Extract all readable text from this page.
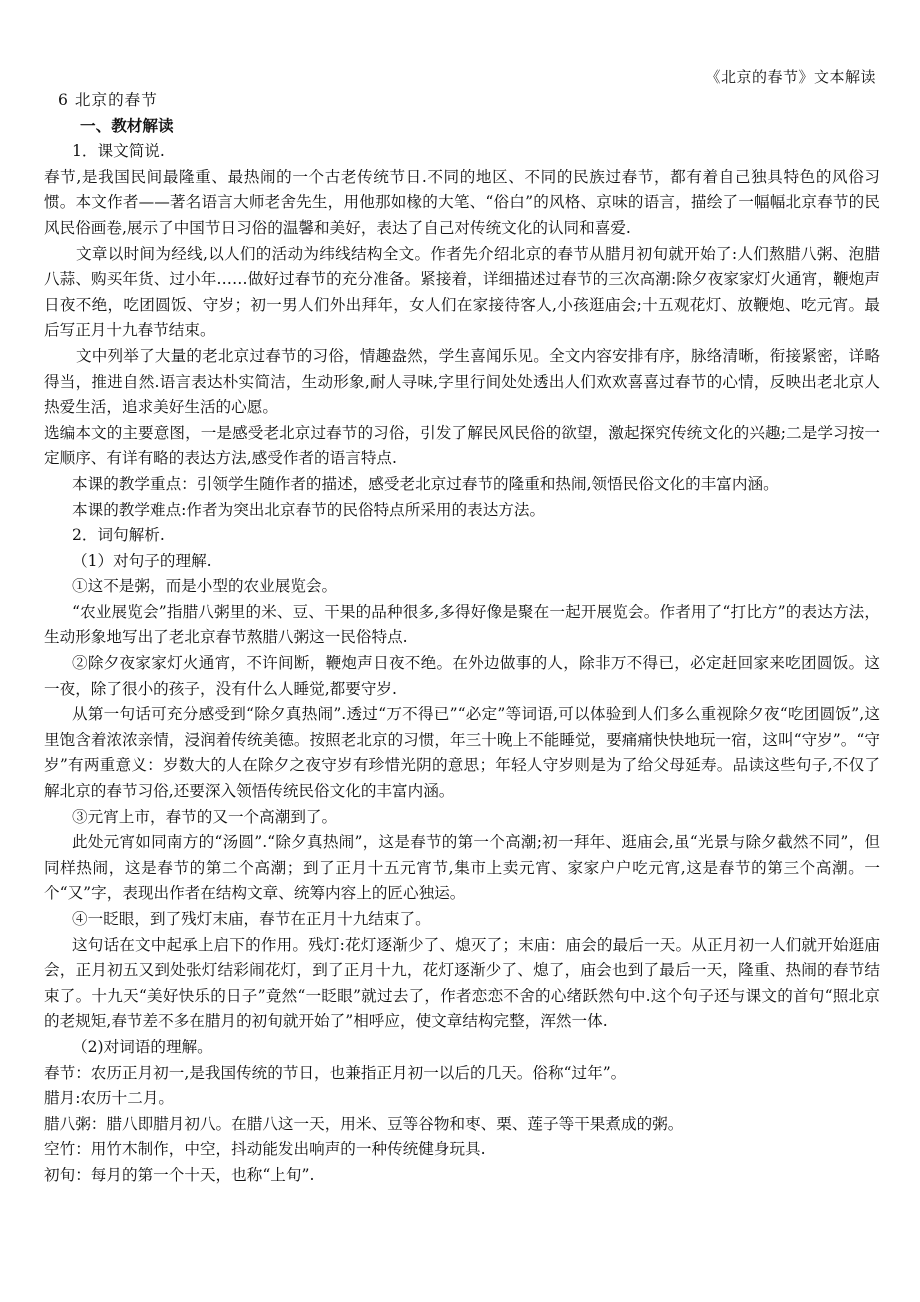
《北京的春节》文本解读
6 北京的春节
一、教材解读

1．课文简说.

春节,是我国民间最隆重、最热闹的一个古老传统节日.不同的地区、不同的民族过春节，都有着自己独具特色的风俗习惯。本文作者——著名语言大师老舍先生，用他那如椽的大笔、“俗白”的风格、京味的语言，描绘了一幅幅北京春节的民风民俗画卷,展示了中国节日习俗的温馨和美好，表达了自己对传统文化的认同和喜爱.

文章以时间为经线,以人们的活动为纬线结构全文。作者先介绍北京的春节从腊月初旬就开始了:人们熬腊八粥、泡腊八蒜、购买年货、过小年……做好过春节的充分准备。紧接着，详细描述过春节的三次高潮:除夕夜家家灯火通宵，鞭炮声日夜不绝，吃团圆饭、守岁；初一男人们外出拜年，女人们在家接待客人,小孩逛庙会;十五观花灯、放鞭炮、吃元宵。最后写正月十九春节结束。

文中列举了大量的老北京过春节的习俗，情趣盎然，学生喜闻乐见。全文内容安排有序，脉络清晰，衔接紧密，详略得当，推进自然.语言表达朴实简洁，生动形象,耐人寻味,字里行间处处透出人们欢欢喜喜过春节的心情，反映出老北京人热爱生活，追求美好生活的心愿。

选编本文的主要意图，一是感受老北京过春节的习俗，引发了解民风民俗的欲望，激起探究传统文化的兴趣;二是学习按一定顺序、有详有略的表达方法,感受作者的语言特点.

本课的教学重点：引领学生随作者的描述，感受老北京过春节的隆重和热闹,领悟民俗文化的丰富内涵。

本课的教学难点:作者为突出北京春节的民俗特点所采用的表达方法。

2．词句解析.

（1）对句子的理解.

①这不是粥，而是小型的农业展览会。

“农业展览会”指腊八粥里的米、豆、干果的品种很多,多得好像是聚在一起开展览会。作者用了“打比方”的表达方法，生动形象地写出了老北京春节熬腊八粥这一民俗特点.

②除夕夜家家灯火通宵，不许间断，鞭炮声日夜不绝。在外边做事的人，除非万不得已，必定赶回家来吃团圆饭。这一夜，除了很小的孩子，没有什么人睡觉,都要守岁.

从第一句话可充分感受到“除夕真热闹”.透过“万不得已”“必定”等词语,可以体验到人们多么重视除夕夜“吃团圆饭”,这里饱含着浓浓亲情，浸润着传统美德。按照老北京的习惯，年三十晚上不能睡觉，要痛痛快快地玩一宿，这叫“守岁”。“守岁”有两重意义：岁数大的人在除夕之夜守岁有珍惜光阴的意思；年轻人守岁则是为了给父母延寿。品读这些句子,不仅了解北京的春节习俗,还要深入领悟传统民俗文化的丰富内涵。

③元宵上市，春节的又一个高潮到了。

此处元宵如同南方的“汤圆”.“除夕真热闹”，这是春节的第一个高潮;初一拜年、逛庙会,虽“光景与除夕截然不同”，但同样热闹，这是春节的第二个高潮；到了正月十五元宵节,集市上卖元宵、家家户户吃元宵,这是春节的第三个高潮。一个“又”字，表现出作者在结构文章、统筹内容上的匠心独运。

④一眨眼，到了残灯末庙，春节在正月十九结束了。

这句话在文中起承上启下的作用。残灯:花灯逐渐少了、熄灭了；末庙：庙会的最后一天。从正月初一人们就开始逛庙会，正月初五又到处张灯结彩闹花灯，到了正月十九，花灯逐渐少了、熄了，庙会也到了最后一天，隆重、热闹的春节结束了。十九天“美好快乐的日子”竟然“一眨眼”就过去了，作者恋恋不舍的心绪跃然句中.这个句子还与课文的首句“照北京的老规矩,春节差不多在腊月的初旬就开始了”相呼应，使文章结构完整，浑然一体.

（2)对词语的理解。

春节：农历正月初一,是我国传统的节日，也兼指正月初一以后的几天。俗称“过年”。

腊月:农历十二月。

腊八粥：腊八即腊月初八。在腊八这一天，用米、豆等谷物和枣、栗、莲子等干果煮成的粥。

空竹：用竹木制作，中空，抖动能发出响声的一种传统健身玩具.

初旬：每月的第一个十天，也称“上旬”.
